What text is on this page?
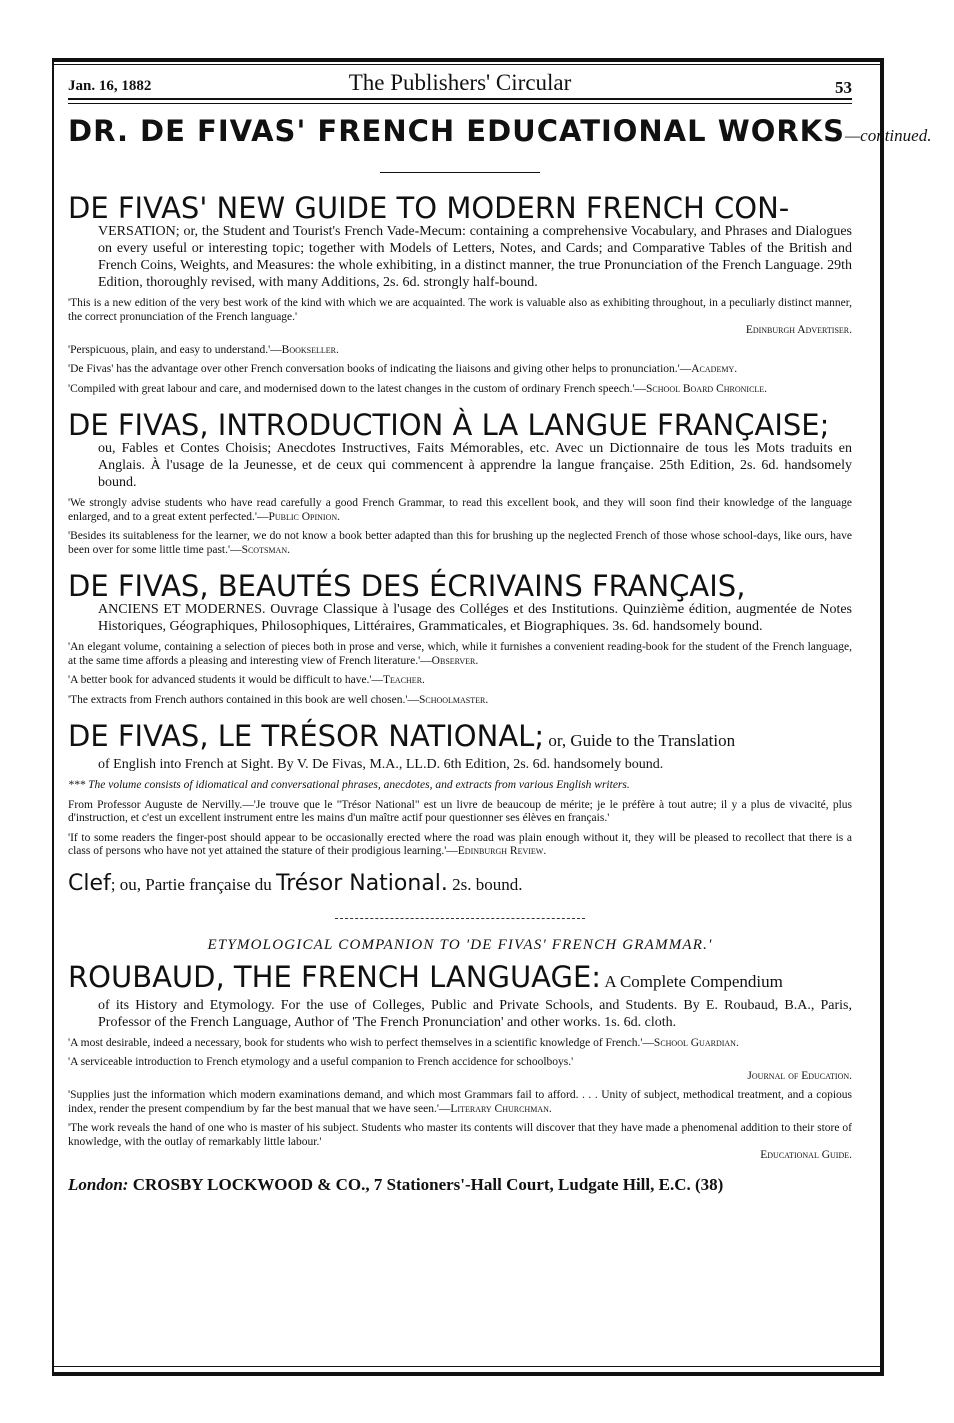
Jan. 16, 1882	The Publishers' Circular	53
DR. DE FIVAS' FRENCH EDUCATIONAL WORKS—continued.
DE FIVAS' NEW GUIDE TO MODERN FRENCH CON-
VERSATION; or, the Student and Tourist's French Vade-Mecum: containing a comprehensive Vocabulary, and Phrases and Dialogues on every useful or interesting topic; together with Models of Letters, Notes, and Cards; and Comparative Tables of the British and French Coins, Weights, and Measures: the whole exhibiting, in a distinct manner, the true Pronunciation of the French Language. 29th Edition, thoroughly revised, with many Additions, 2s. 6d. strongly half-bound.
'This is a new edition of the very best work of the kind with which we are acquainted. The work is valuable also as exhibiting throughout, in a peculiarly distinct manner, the correct pronunciation of the French language.'
Edinburgh Advertiser.
'Perspicuous, plain, and easy to understand.'—Bookseller.
'De Fivas' has the advantage over other French conversation books of indicating the liaisons and giving other helps to pronunciation.'—Academy.
'Compiled with great labour and care, and modernised down to the latest changes in the custom of ordinary French speech.'—School Board Chronicle.
DE FIVAS, INTRODUCTION À LA LANGUE FRANÇAISE;
ou, Fables et Contes Choisis; Anecdotes Instructives, Faits Mémorables, etc. Avec un Dictionnaire de tous les Mots traduits en Anglais. À l'usage de la Jeunesse, et de ceux qui commencent à apprendre la langue française. 25th Edition, 2s. 6d. handsomely bound.
'We strongly advise students who have read carefully a good French Grammar, to read this excellent book, and they will soon find their knowledge of the language enlarged, and to a great extent perfected.'—Public Opinion.
'Besides its suitableness for the learner, we do not know a book better adapted than this for brushing up the neglected French of those whose school-days, like ours, have been over for some little time past.'—Scotsman.
DE FIVAS, BEAUTÉS DES ÉCRIVAINS FRANÇAIS,
ANCIENS ET MODERNES. Ouvrage Classique à l'usage des Colléges et des Institutions. Quinzième édition, augmentée de Notes Historiques, Géographiques, Philosophiques, Littéraires, Grammaticales, et Biographiques. 3s. 6d. handsomely bound.
'An elegant volume, containing a selection of pieces both in prose and verse, which, while it furnishes a convenient reading-book for the student of the French language, at the same time affords a pleasing and interesting view of French literature.'—Observer.
'A better book for advanced students it would be difficult to have.'—Teacher.
'The extracts from French authors contained in this book are well chosen.'—Schoolmaster.
DE FIVAS, LE TRÉSOR NATIONAL; or, Guide to the Translation
of English into French at Sight. By V. De Fivas, M.A., LL.D. 6th Edition, 2s. 6d. handsomely bound.
*** The volume consists of idiomatical and conversational phrases, anecdotes, and extracts from various English writers.
From Professor Auguste de Nervilly.—'Je trouve que le "Trésor National" est un livre de beaucoup de mérite; je le préfère à tout autre; il y a plus de vivacité, plus d'instruction, et c'est un excellent instrument entre les mains d'un maître actif pour questionner ses élèves en français.'
'If to some readers the finger-post should appear to be occasionally erected where the road was plain enough without it, they will be pleased to recollect that there is a class of persons who have not yet attained the stature of their prodigious learning.'—Edinburgh Review.
Clef; ou, Partie française du Trésor National. 2s. bound.
ETYMOLOGICAL COMPANION TO 'DE FIVAS' FRENCH GRAMMAR.'
ROUBAUD, THE FRENCH LANGUAGE: A Complete Compendium
of its History and Etymology. For the use of Colleges, Public and Private Schools, and Students. By E. Roubaud, B.A., Paris, Professor of the French Language, Author of 'The French Pronunciation' and other works. 1s. 6d. cloth.
'A most desirable, indeed a necessary, book for students who wish to perfect themselves in a scientific knowledge of French.'—School Guardian.
'A serviceable introduction to French etymology and a useful companion to French accidence for schoolboys.'
Journal of Education.
'Supplies just the information which modern examinations demand, and which most Grammars fail to afford. . . . Unity of subject, methodical treatment, and a copious index, render the present compendium by far the best manual that we have seen.'—Literary Churchman.
'The work reveals the hand of one who is master of his subject. Students who master its contents will discover that they have made a phenomenal addition to their store of knowledge, with the outlay of remarkably little labour.'
Educational Guide.
London: CROSBY LOCKWOOD & CO., 7 Stationers'-Hall Court, Ludgate Hill, E.C. (38)
